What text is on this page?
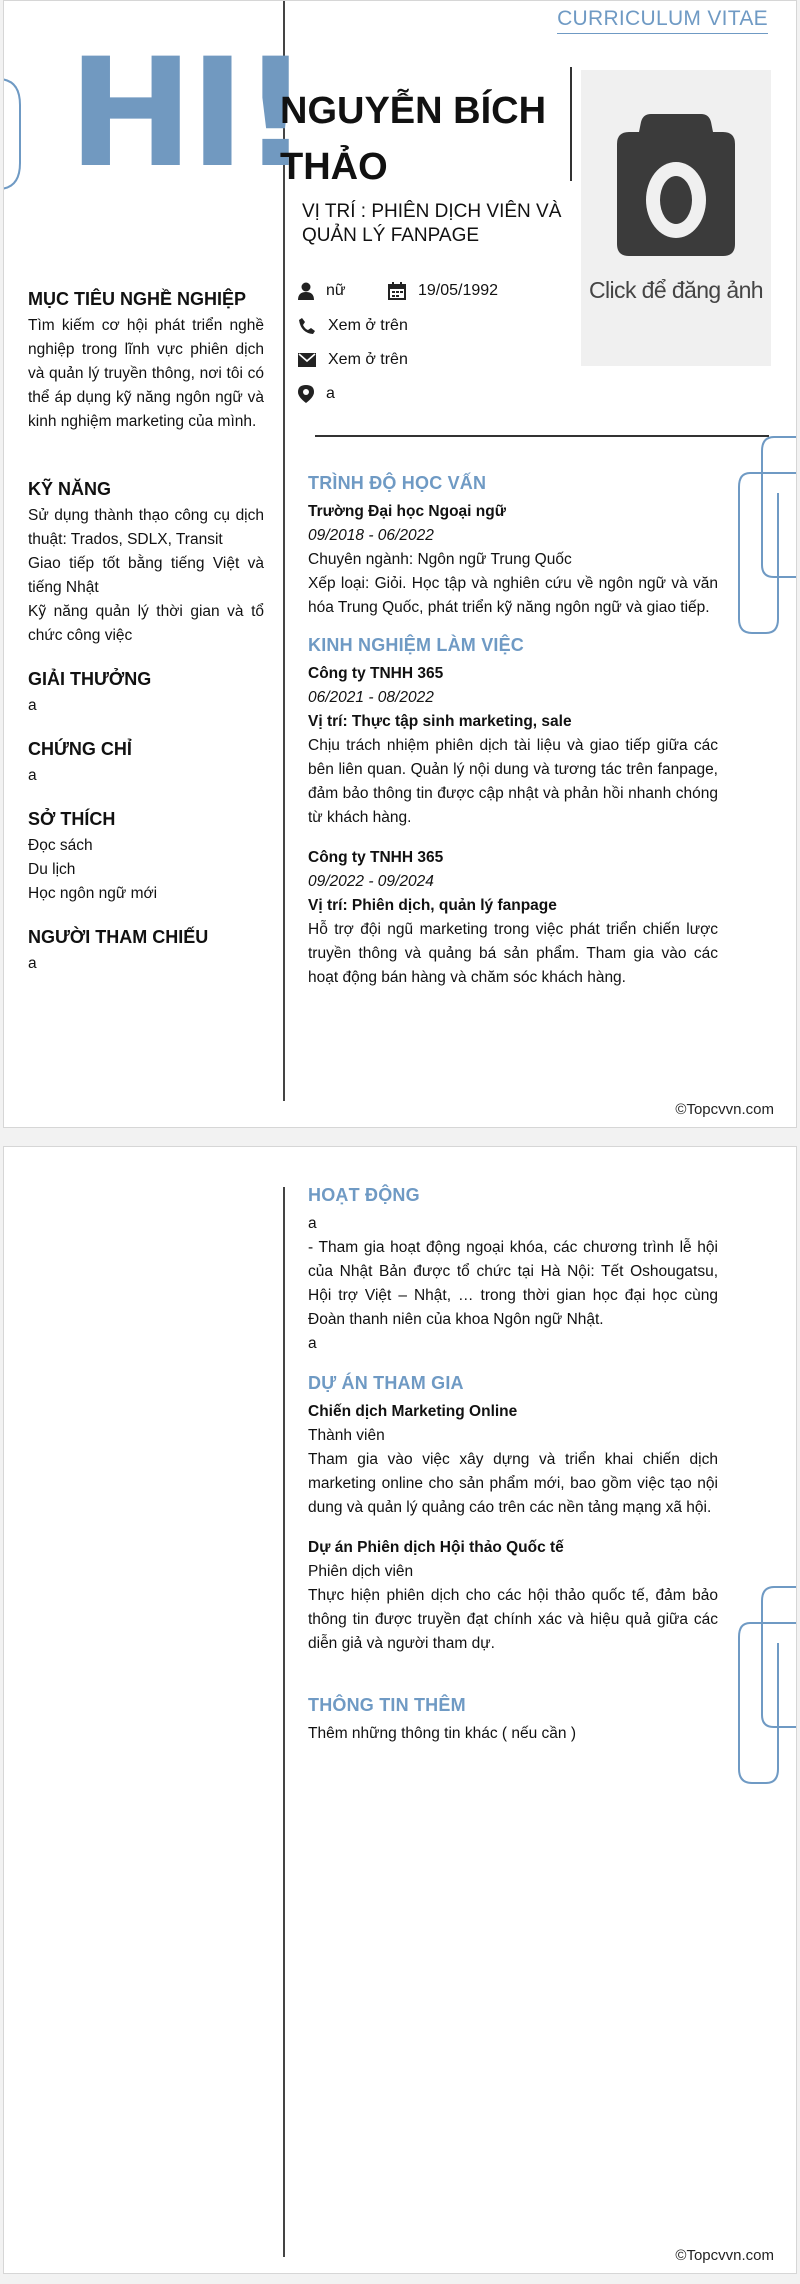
CURRICULUM VITAE
HI!
NGUYỄN BÍCH THẢO
VỊ TRÍ : PHIÊN DỊCH VIÊN VÀ QUẢN LÝ FANPAGE
Click để đăng ảnh
nữ	19/05/1992
Xem ở trên
Xem ở trên
a
MỤC TIÊU NGHỀ NGHIỆP
Tìm kiếm cơ hội phát triển nghề nghiệp trong lĩnh vực phiên dịch và quản lý truyền thông, nơi tôi có thể áp dụng kỹ năng ngôn ngữ và kinh nghiệm marketing của mình.
KỸ NĂNG
Sử dụng thành thạo công cụ dịch thuật: Trados, SDLX, Transit
Giao tiếp tốt bằng tiếng Việt và tiếng Nhật
Kỹ năng quản lý thời gian và tổ chức công việc
GIẢI THƯỞNG
a
CHỨNG CHỈ
a
SỞ THÍCH
Đọc sách
Du lịch
Học ngôn ngữ mới
NGƯỜI THAM CHIẾU
a
TRÌNH ĐỘ HỌC VẤN
Trường Đại học Ngoại ngữ
09/2018 - 06/2022
Chuyên ngành: Ngôn ngữ Trung Quốc
Xếp loại: Giỏi. Học tập và nghiên cứu về ngôn ngữ và văn hóa Trung Quốc, phát triển kỹ năng ngôn ngữ và giao tiếp.
KINH NGHIỆM LÀM VIỆC
Công ty TNHH 365
06/2021 - 08/2022
Vị trí: Thực tập sinh marketing, sale
Chịu trách nhiệm phiên dịch tài liệu và giao tiếp giữa các bên liên quan. Quản lý nội dung và tương tác trên fanpage, đảm bảo thông tin được cập nhật và phản hồi nhanh chóng từ khách hàng.
Công ty TNHH 365
09/2022 - 09/2024
Vị trí: Phiên dịch, quản lý fanpage
Hỗ trợ đội ngũ marketing trong việc phát triển chiến lược truyền thông và quảng bá sản phẩm. Tham gia vào các hoạt động bán hàng và chăm sóc khách hàng.
©Topcvvn.com
HOẠT ĐỘNG
a
- Tham gia hoạt động ngoại khóa, các chương trình lễ hội của Nhật Bản được tổ chức tại Hà Nội: Tết Oshougatsu, Hội trợ Việt – Nhật, … trong thời gian học đại học cùng Đoàn thanh niên của khoa Ngôn ngữ Nhật.
a
DỰ ÁN THAM GIA
Chiến dịch Marketing Online
Thành viên
Tham gia vào việc xây dựng và triển khai chiến dịch marketing online cho sản phẩm mới, bao gồm việc tạo nội dung và quản lý quảng cáo trên các nền tảng mạng xã hội.
Dự án Phiên dịch Hội thảo Quốc tế
Phiên dịch viên
Thực hiện phiên dịch cho các hội thảo quốc tế, đảm bảo thông tin được truyền đạt chính xác và hiệu quả giữa các diễn giả và người tham dự.
THÔNG TIN THÊM
Thêm những thông tin khác ( nếu cần )
©Topcvvn.com
